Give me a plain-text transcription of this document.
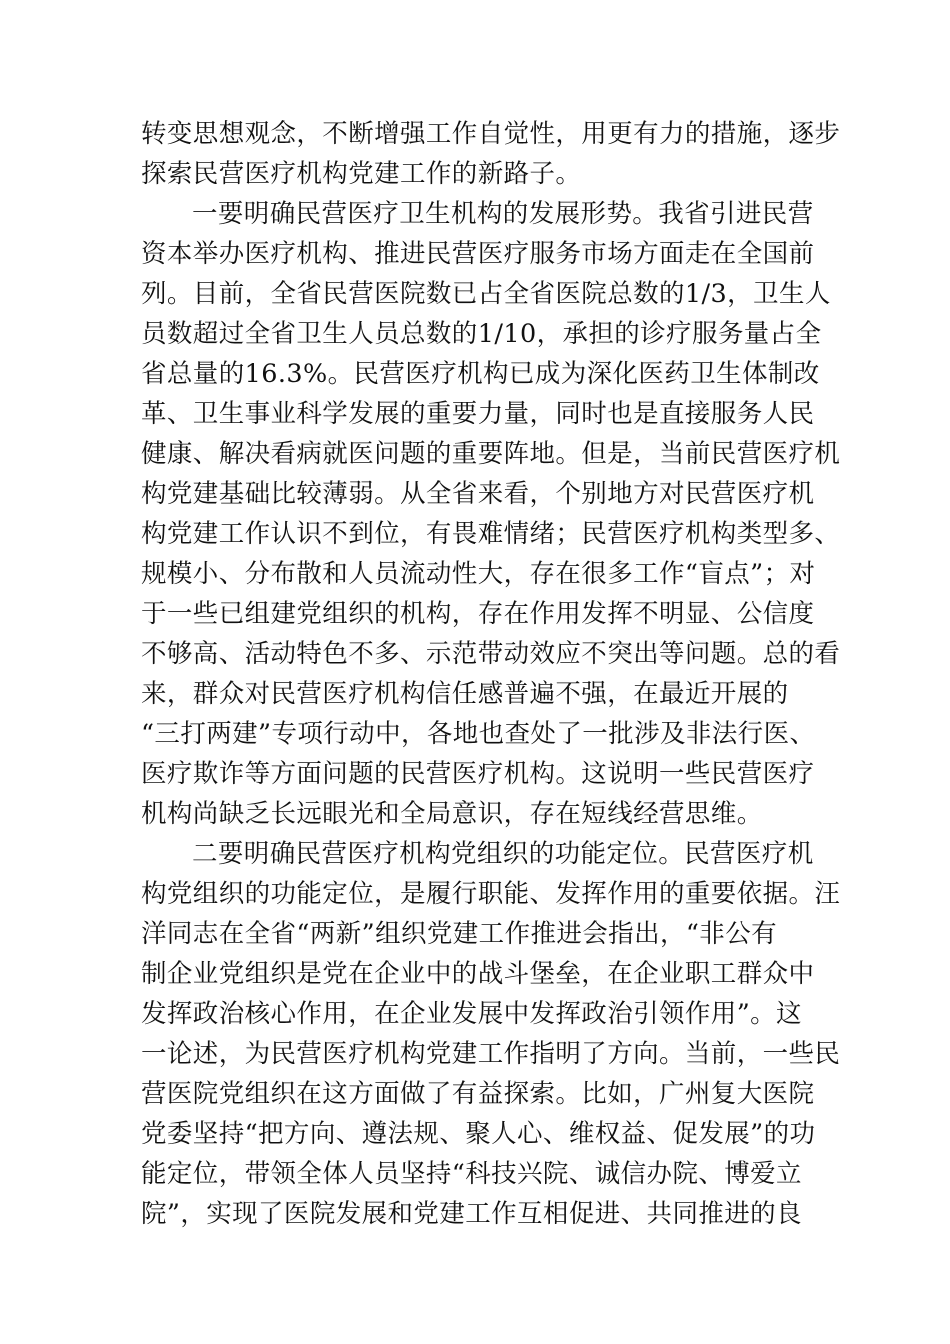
转变思想观念，不断增强工作自觉性，用更有力的措施，逐步
探索民营医疗机构党建工作的新路子。
一要明确民营医疗卫生机构的发展形势。我省引进民营
资本举办医疗机构、推进民营医疗服务市场方面走在全国前
列。目前，全省民营医院数已占全省医院总数的1/3，卫生人
员数超过全省卫生人员总数的1/10，承担的诊疗服务量占全
省总量的16.3%。民营医疗机构已成为深化医药卫生体制改
革、卫生事业科学发展的重要力量，同时也是直接服务人民
健康、解决看病就医问题的重要阵地。但是，当前民营医疗机
构党建基础比较薄弱。从全省来看，个别地方对民营医疗机
构党建工作认识不到位，有畏难情绪；民营医疗机构类型多、
规模小、分布散和人员流动性大，存在很多工作“盲点”；对
于一些已组建党组织的机构，存在作用发挥不明显、公信度
不够高、活动特色不多、示范带动效应不突出等问题。总的看
来，群众对民营医疗机构信任感普遍不强，在最近开展的
“三打两建”专项行动中，各地也查处了一批涉及非法行医、
医疗欺诈等方面问题的民营医疗机构。这说明一些民营医疗
机构尚缺乏长远眼光和全局意识，存在短线经营思维。
二要明确民营医疗机构党组织的功能定位。民营医疗机
构党组织的功能定位，是履行职能、发挥作用的重要依据。汪
洋同志在全省“两新”组织党建工作推进会指出，“非公有
制企业党组织是党在企业中的战斗堡垒，在企业职工群众中
发挥政治核心作用，在企业发展中发挥政治引领作用”。这
一论述，为民营医疗机构党建工作指明了方向。当前，一些民
营医院党组织在这方面做了有益探索。比如，广州复大医院
党委坚持“把方向、遵法规、聚人心、维权益、促发展”的功
能定位，带领全体人员坚持“科技兴院、诚信办院、博爱立
院”，实现了医院发展和党建工作互相促进、共同推进的良
